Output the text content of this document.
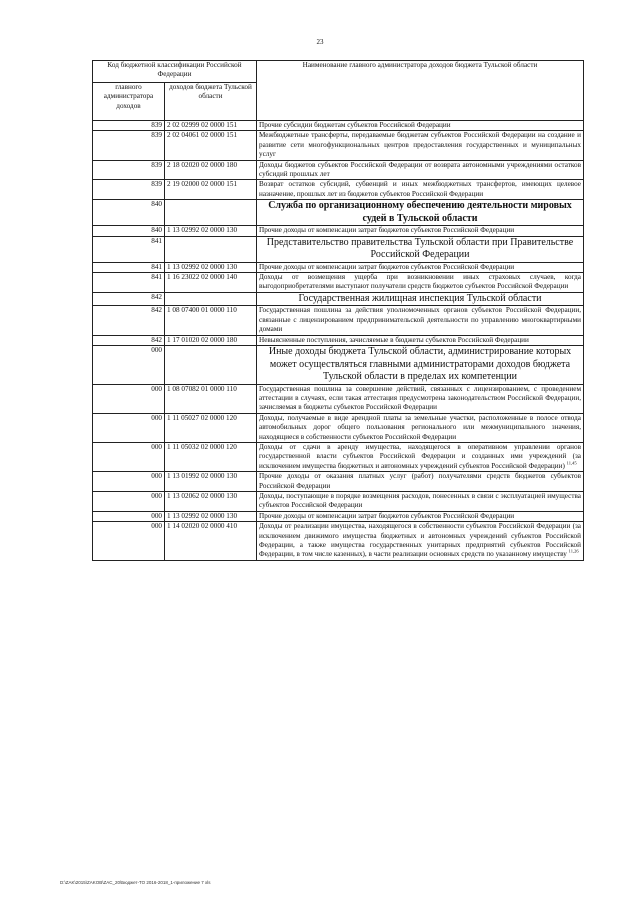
23
Код бюджетной классификации Российской Федерации		Наименование главного администратора доходов бюджета Тульской области
главного администратора доходов	доходов бюджета Тульской области	
839	2 02 02999 02 0000 151	Прочие субсидии бюджетам субъектов Российской Федерации
839	2 02 04061 02 0000 151	Межбюджетные трансферты, передаваемые бюджетам субъектов Российской Федерации на создание и развитие сети многофункциональных центров предоставления государственных и муниципальных услуг
839	2 18 02020 02 0000 180	Доходы бюджетов субъектов Российской Федерации от возврата автономными учреждениями остатков субсидий прошлых лет
839	2 19 02000 02 0000 151	Возврат остатков субсидий, субвенций и иных межбюджетных трансфертов, имеющих целевое назначение, прошлых лет из бюджетов субъектов Российской Федерации
840		Служба по организационному обеспечению деятельности мировых судей в Тульской области
840	1 13 02992 02 0000 130	Прочие доходы от компенсации затрат бюджетов субъектов Российской Федерации
841		Представительство правительства Тульской области при Правительстве Российской Федерации
841	1 13 02992 02 0000 130	Прочие доходы от компенсации затрат бюджетов субъектов Российской Федерации
841	1 16 23022 02 0000 140	Доходы от возмещения ущерба при возникновении иных страховых случаев, когда выгодоприобретателями выступают получатели средств бюджетов субъектов Российской Федерации
842		Государственная жилищная инспекция Тульской области
842	1 08 07400 01 0000 110	Государственная пошлина за действия уполномоченных органов субъектов Российской Федерации, связанные с лицензированием предпринимательской деятельности по управлению многоквартирными домами
842	1 17 01020 02 0000 180	Невыясненные поступления, зачисляемые в бюджеты субъектов Российской Федерации
000		Иные доходы бюджета Тульской области, администрирование которых может осуществляться главными администраторами доходов бюджета Тульской области в пределах их компетенции
000	1 08 07082 01 0000 110	Государственная пошлина за совершение действий, связанных с лицензированием, с проведением аттестации в случаях, если такая аттестация предусмотрена законодательством Российской Федерации, зачисляемая в бюджеты субъектов Российской Федерации
000	1 11 05027 02 0000 120	Доходы, получаемые в виде арендной платы за земельные участки, расположенные в полосе отвода автомобильных дорог общего пользования регионального или межмуниципального значения, находящиеся в собственности субъектов Российской Федерации
000	1 11 05032 02 0000 120	Доходы от сдачи в аренду имущества, находящегося в оперативном управлении органов государственной власти субъектов Российской Федерации и созданных ими учреждений (за исключением имущества бюджетных и автономных учреждений субъектов Российской Федерации) $^{11,45}$
000	1 13 01992 02 0000 130	Прочие доходы от оказания платных услуг (работ) получателями средств бюджетов субъектов Российской Федерации
000	1 13 02062 02 0000 130	Доходы, поступающие в порядке возмещения расходов, понесенных в связи с эксплуатацией имущества субъектов Российской Федерации
000	1 13 02992 02 0000 130	Прочие доходы от компенсации затрат бюджетов субъектов Российской Федерации
000	1 14 02020 02 0000 410	Доходы от реализации имущества, находящегося в собственности субъектов Российской Федерации (за исключением движимого имущества бюджетных и автономных учреждений субъектов Российской Федерации, а также имущества государственных унитарных предприятий субъектов Российской Федерации, в том числе казенных), в части реализации основных средств по указанному имуществу $^{11,26}$
D:\ZAK\2015\ZAKOB\ZAC_20\Бюджет-ТО 2016-2018_1-приложение 7 xls
